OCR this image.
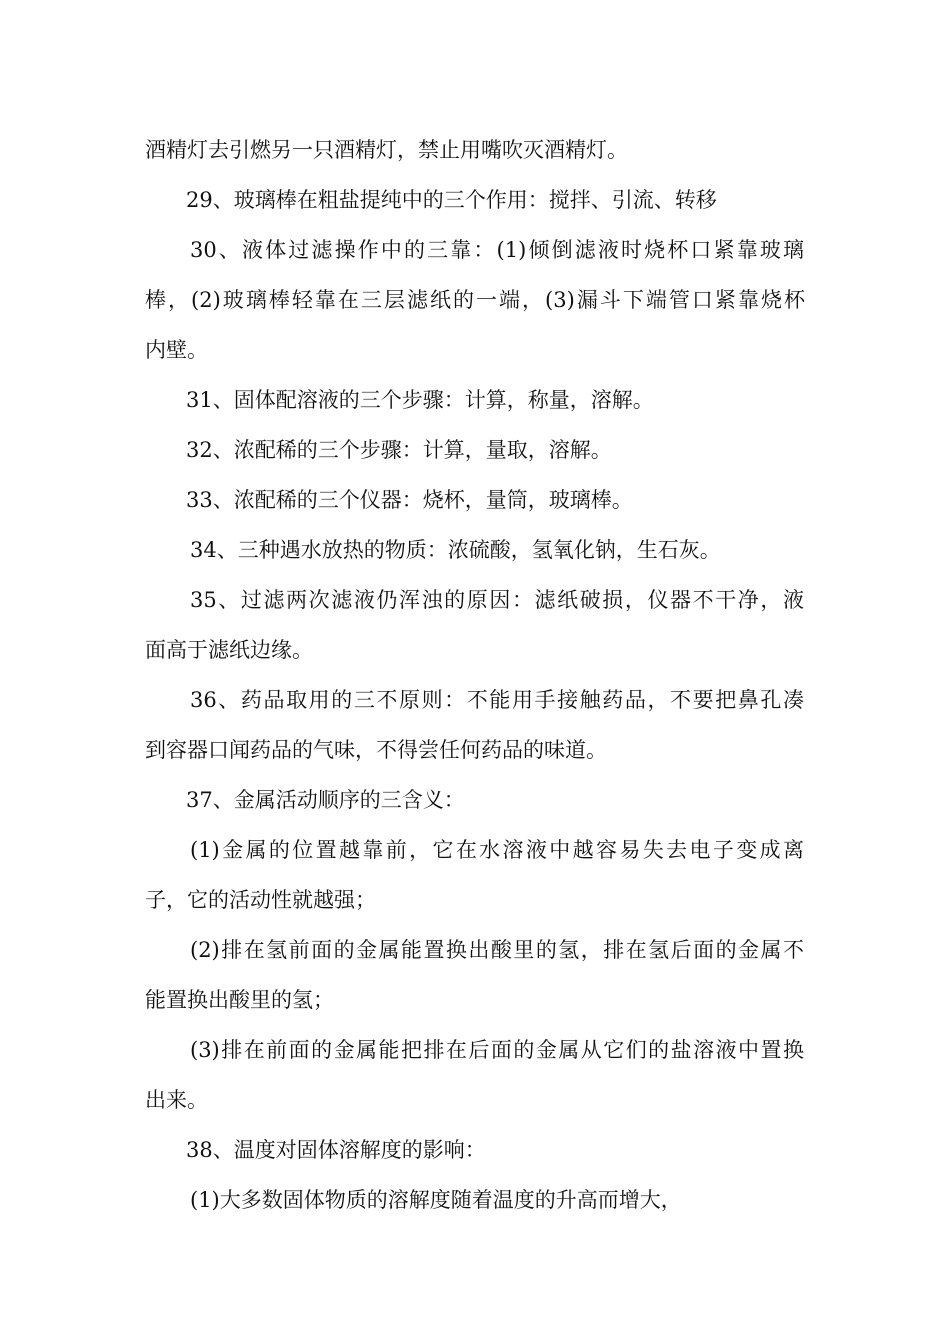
酒精灯去引燃另一只酒精灯，禁止用嘴吹灭酒精灯。
29、玻璃棒在粗盐提纯中的三个作用：搅拌、引流、转移
30、液体过滤操作中的三靠：(1)倾倒滤液时烧杯口紧靠玻璃
棒，(2)玻璃棒轻靠在三层滤纸的一端，(3)漏斗下端管口紧靠烧杯
内壁。
31、固体配溶液的三个步骤：计算，称量，溶解。
32、浓配稀的三个步骤：计算，量取，溶解。
33、浓配稀的三个仪器：烧杯，量筒，玻璃棒。
34、三种遇水放热的物质：浓硫酸，氢氧化钠，生石灰。
35、过滤两次滤液仍浑浊的原因：滤纸破损，仪器不干净，液
面高于滤纸边缘。
36、药品取用的三不原则：不能用手接触药品，不要把鼻孔凑
到容器口闻药品的气味，不得尝任何药品的味道。
37、金属活动顺序的三含义：
(1)金属的位置越靠前，它在水溶液中越容易失去电子变成离
子，它的活动性就越强；
(2)排在氢前面的金属能置换出酸里的氢，排在氢后面的金属不
能置换出酸里的氢；
(3)排在前面的金属能把排在后面的金属从它们的盐溶液中置换
出来。
38、温度对固体溶解度的影响：
(1)大多数固体物质的溶解度随着温度的升高而增大，
